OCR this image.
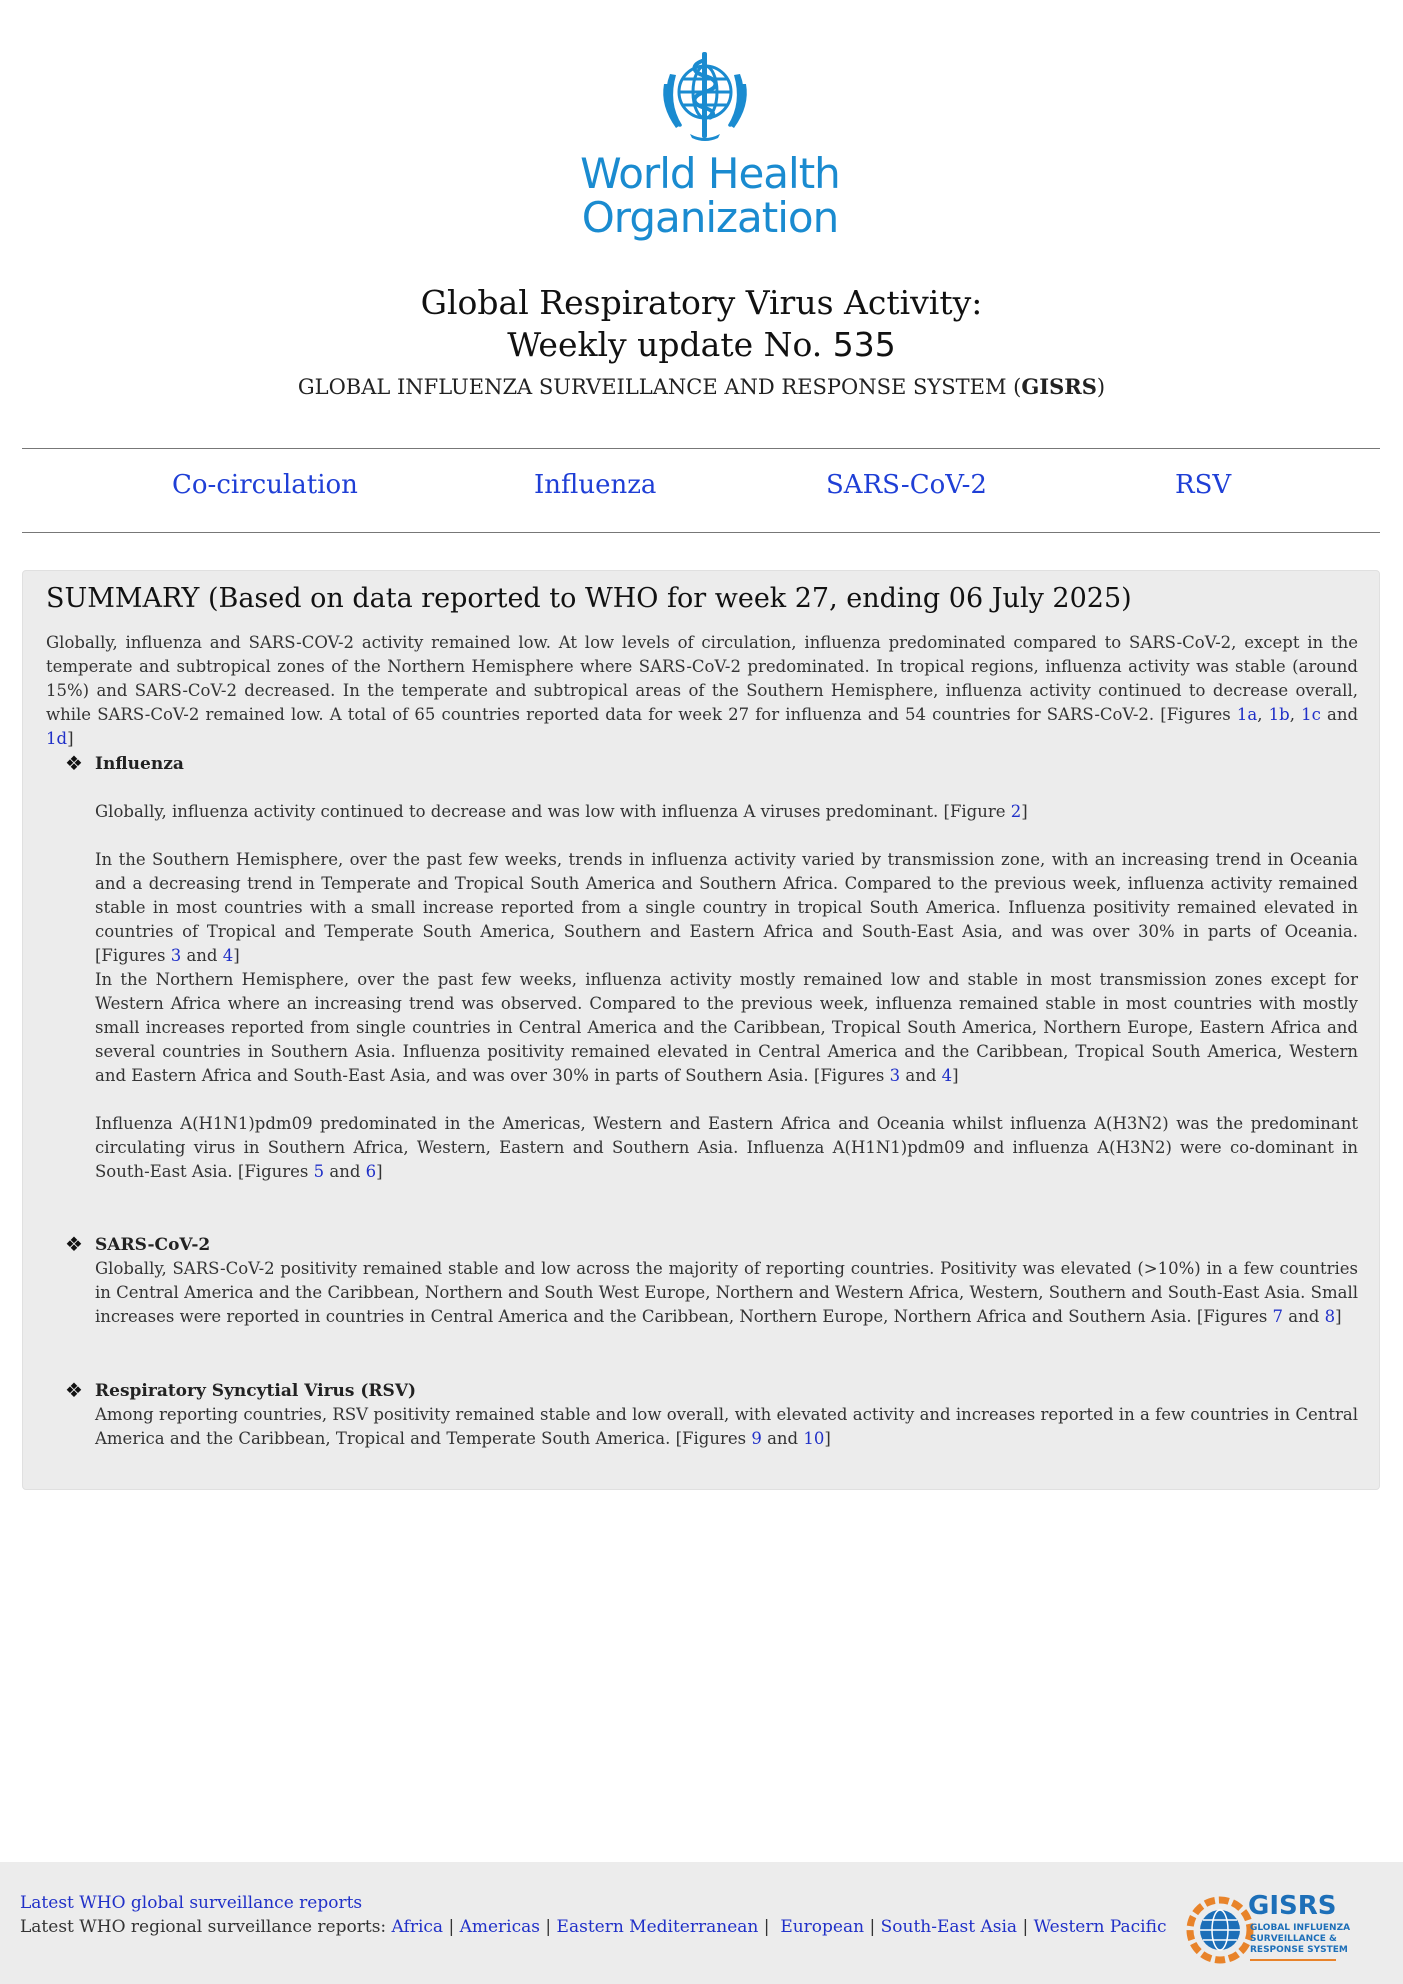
World Health
Organization
Global Respiratory Virus Activity:
Weekly update No. 535
GLOBAL INFLUENZA SURVEILLANCE AND RESPONSE SYSTEM (GISRS)
Co-circulation	Influenza	SARS-CoV-2	RSV
SUMMARY (Based on data reported to WHO for week 27, ending 06 July 2025)
Globally, influenza and SARS-COV-2 activity remained low. At low levels of circulation, influenza predominated compared to SARS-CoV-2, except in the temperate and subtropical zones of the Northern Hemisphere where SARS-CoV-2 predominated. In tropical regions, influenza activity was stable (around 15%) and SARS-CoV-2 decreased. In the temperate and subtropical areas of the Southern Hemisphere, influenza activity continued to decrease overall, while SARS-CoV-2 remained low. A total of 65 countries reported data for week 27 for influenza and 54 countries for SARS-CoV-2. [Figures 1a, 1b, 1c and 1d]
❖ Influenza
Globally, influenza activity continued to decrease and was low with influenza A viruses predominant. [Figure 2]
In the Southern Hemisphere, over the past few weeks, trends in influenza activity varied by transmission zone, with an increasing trend in Oceania and a decreasing trend in Temperate and Tropical South America and Southern Africa. Compared to the previous week, influenza activity remained stable in most countries with a small increase reported from a single country in tropical South America. Influenza positivity remained elevated in countries of Tropical and Temperate South America, Southern and Eastern Africa and South-East Asia, and was over 30% in parts of Oceania. [Figures 3 and 4]
In the Northern Hemisphere, over the past few weeks, influenza activity mostly remained low and stable in most transmission zones except for Western Africa where an increasing trend was observed. Compared to the previous week, influenza remained stable in most countries with mostly small increases reported from single countries in Central America and the Caribbean, Tropical South America, Northern Europe, Eastern Africa and several countries in Southern Asia. Influenza positivity remained elevated in Central America and the Caribbean, Tropical South America, Western and Eastern Africa and South-East Asia, and was over 30% in parts of Southern Asia. [Figures 3 and 4]
Influenza A(H1N1)pdm09 predominated in the Americas, Western and Eastern Africa and Oceania whilst influenza A(H3N2) was the predominant circulating virus in Southern Africa, Western, Eastern and Southern Asia. Influenza A(H1N1)pdm09 and influenza A(H3N2) were co-dominant in South-East Asia. [Figures 5 and 6]
❖ SARS-CoV-2
Globally, SARS-CoV-2 positivity remained stable and low across the majority of reporting countries. Positivity was elevated (>10%) in a few countries in Central America and the Caribbean, Northern and South West Europe, Northern and Western Africa, Western, Southern and South-East Asia. Small increases were reported in countries in Central America and the Caribbean, Northern Europe, Northern Africa and Southern Asia. [Figures 7 and 8]
❖ Respiratory Syncytial Virus (RSV)
Among reporting countries, RSV positivity remained stable and low overall, with elevated activity and increases reported in a few countries in Central America and the Caribbean, Tropical and Temperate South America. [Figures 9 and 10]
Latest WHO global surveillance reports
Latest WHO regional surveillance reports: Africa | Americas | Eastern Mediterranean | European | South-East Asia | Western Pacific
GISRS
GLOBAL INFLUENZA
SURVEILLANCE &
RESPONSE SYSTEM
